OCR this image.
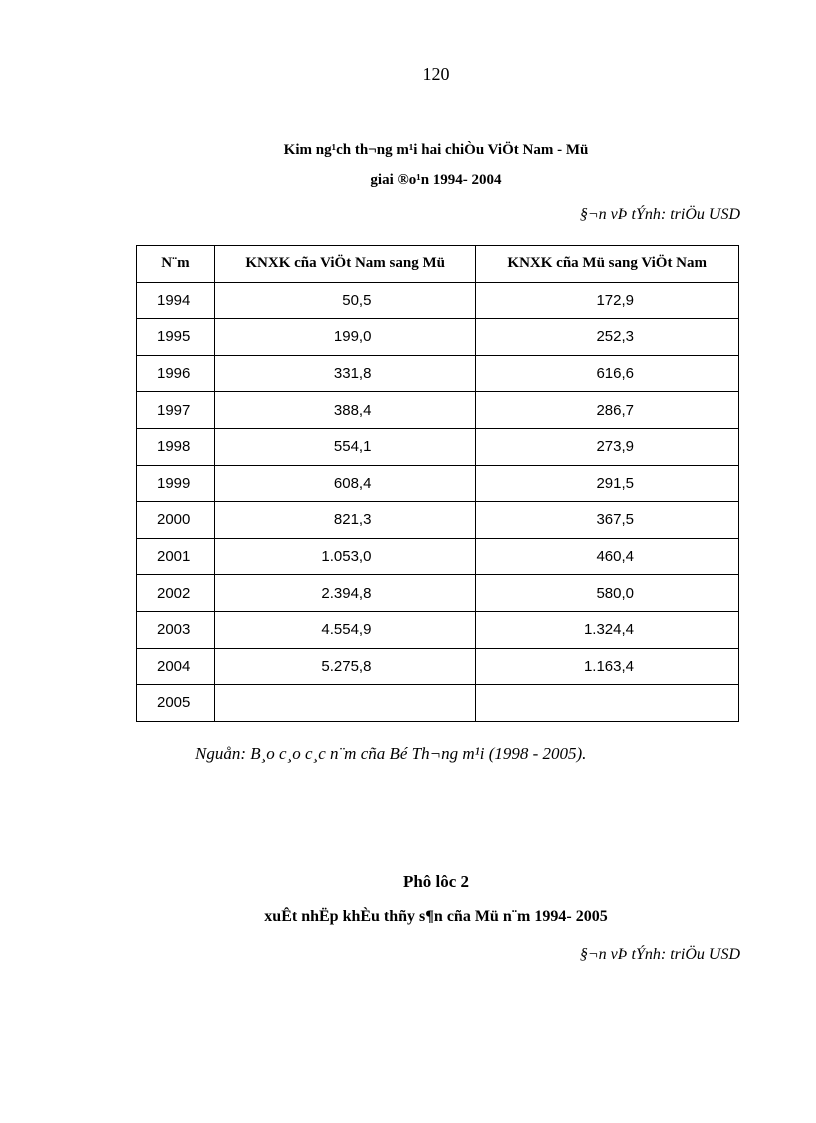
120
Kim ng¹ch th¬ng m¹i hai chiÒu ViÖt Nam - Mü
giai ®o¹n 1994- 2004
§¬n vÞ tÝnh: triÖu USD
N¨m	KNXK cña ViÖt Nam sang Mü	KNXK cña Mü sang ViÖt Nam
1994	50,5	172,9
1995	199,0	252,3
1996	331,8	616,6
1997	388,4	286,7
1998	554,1	273,9
1999	608,4	291,5
2000	821,3	367,5
2001	1.053,0	460,4
2002	2.394,8	580,0
2003	4.554,9	1.324,4
2004	5.275,8	1.163,4
2005		
Nguån: B¸o c¸o c¸c n¨m cña Bé Th¬ng m¹i (1998 - 2005).
Phô lôc 2
xuÊt nhËp khÈu thñy s¶n cña Mü n¨m 1994- 2005
§¬n vÞ tÝnh: triÖu USD
